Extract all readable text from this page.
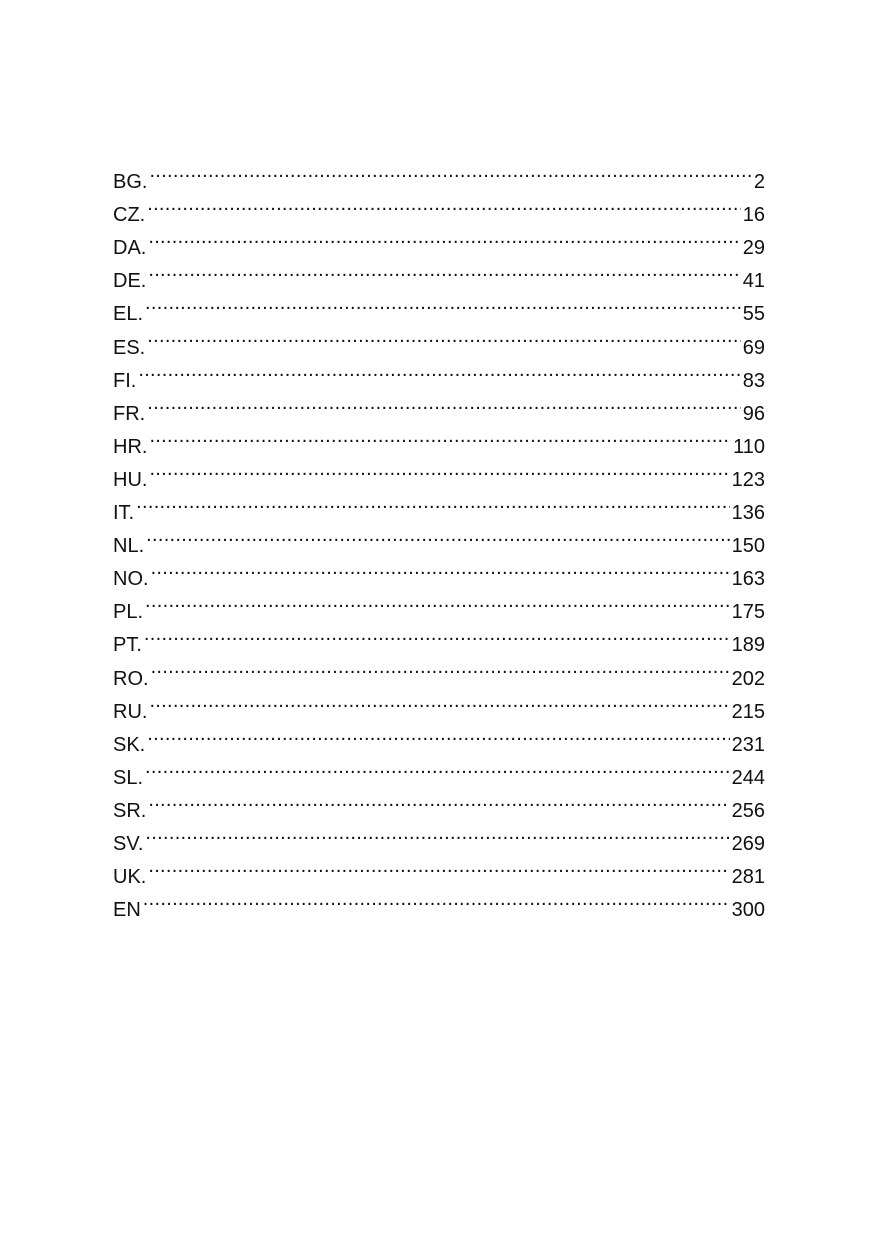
BG. .....	2
CZ. .....	16
DA. .....	29
DE. .....	41
EL. .....	55
ES. .....	69
FI. .....	83
FR. .....	96
HR. .....	110
HU. .....	123
IT. .....	136
NL. .....	150
NO. .....	163
PL. .....	175
PT. .....	189
RO. .....	202
RU. .....	215
SK. .....	231
SL. .....	244
SR. .....	256
SV. .....	269
UK. .....	281
EN .....	300
